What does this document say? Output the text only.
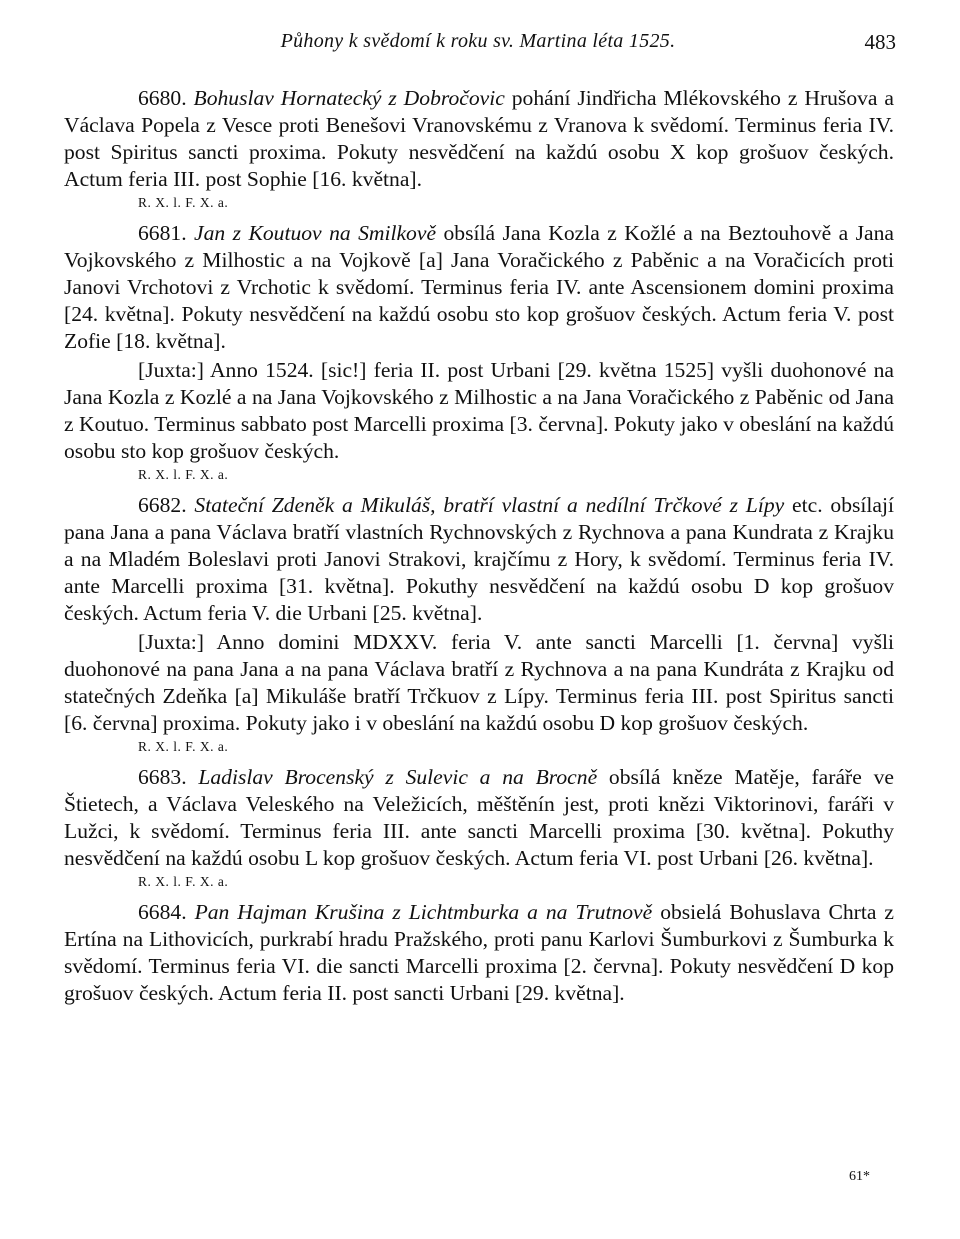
Půhony k svědomí k roku sv. Martina léta 1525.	483

6680. Bohuslav Hornatecký z Dobročovic pohání Jindřicha Mlékovského z Hrušova a Václava Popela z Vesce proti Benešovi Vranovskému z Vranova k svědomí. Terminus feria IV. post Spiritus sancti proxima. Pokuty nesvědčení na každú osobu X kop grošuov českých. Actum feria III. post Sophie [16. května].

R. X. l. F. X. a.

6681. Jan z Koutuov na Smilkově obsílá Jana Kozla z Kožlé a na Beztouhově a Jana Vojkovského z Milhostic a na Vojkově [a] Jana Voračického z Paběnic a na Voračicích proti Janovi Vrchotovi z Vrchotic k svědomí. Terminus feria IV. ante Ascensionem domini proxima [24. května]. Pokuty nesvědčení na každú osobu sto kop grošuov českých. Actum feria V. post Zofie [18. května].

[Juxta:] Anno 1524. [sic!] feria II. post Urbani [29. května 1525] vyšli duohonové na Jana Kozla z Kozlé a na Jana Vojkovského z Milhostic a na Jana Voračického z Paběnic od Jana z Koutuo. Terminus sabbato post Marcelli proxima [3. června]. Pokuty jako v obeslání na každú osobu sto kop grošuov českých.

R. X. l. F. X. a.

6682. Stateční Zdeněk a Mikuláš, bratří vlastní a nedílní Trčkové z Lípy etc. obsílají pana Jana a pana Václava bratří vlastních Rychnovských z Rychnova a pana Kundrata z Krajku a na Mladém Boleslavi proti Janovi Strakovi, krajčímu z Hory, k svědomí. Terminus feria IV. ante Marcelli proxima [31. května]. Pokuthy nesvědčení na každú osobu D kop grošuov českých. Actum feria V. die Urbani [25. května].

[Juxta:] Anno domini MDXXV. feria V. ante sancti Marcelli [1. června] vyšli duohonové na pana Jana a na pana Václava bratří z Rychnova a na pana Kundráta z Krajku od statečných Zdeňka [a] Mikuláše bratří Trčkuov z Lípy. Terminus feria III. post Spiritus sancti [6. června] proxima. Pokuty jako i v obeslání na každú osobu D kop grošuov českých.

R. X. l. F. X. a.

6683. Ladislav Brocenský z Sulevic a na Brocně obsílá kněze Matěje, faráře ve Štietech, a Václava Veleského na Veležicích, měštěnín jest, proti knězi Viktorinovi, faráři v Lužci, k svědomí. Terminus feria III. ante sancti Marcelli proxima [30. května]. Pokuthy nesvědčení na každú osobu L kop grošuov českých. Actum feria VI. post Urbani [26. května].

R. X. l. F. X. a.

6684. Pan Hajman Krušina z Lichtmburka a na Trutnově obsielá Bohuslava Chrta z Ertína na Lithovicích, purkrabí hradu Pražského, proti panu Karlovi Šumburkovi z Šumburka k svědomí. Terminus feria VI. die sancti Marcelli proxima [2. června]. Pokuty nesvědčení D kop grošuov českých. Actum feria II. post sancti Urbani [29. května].

61*
